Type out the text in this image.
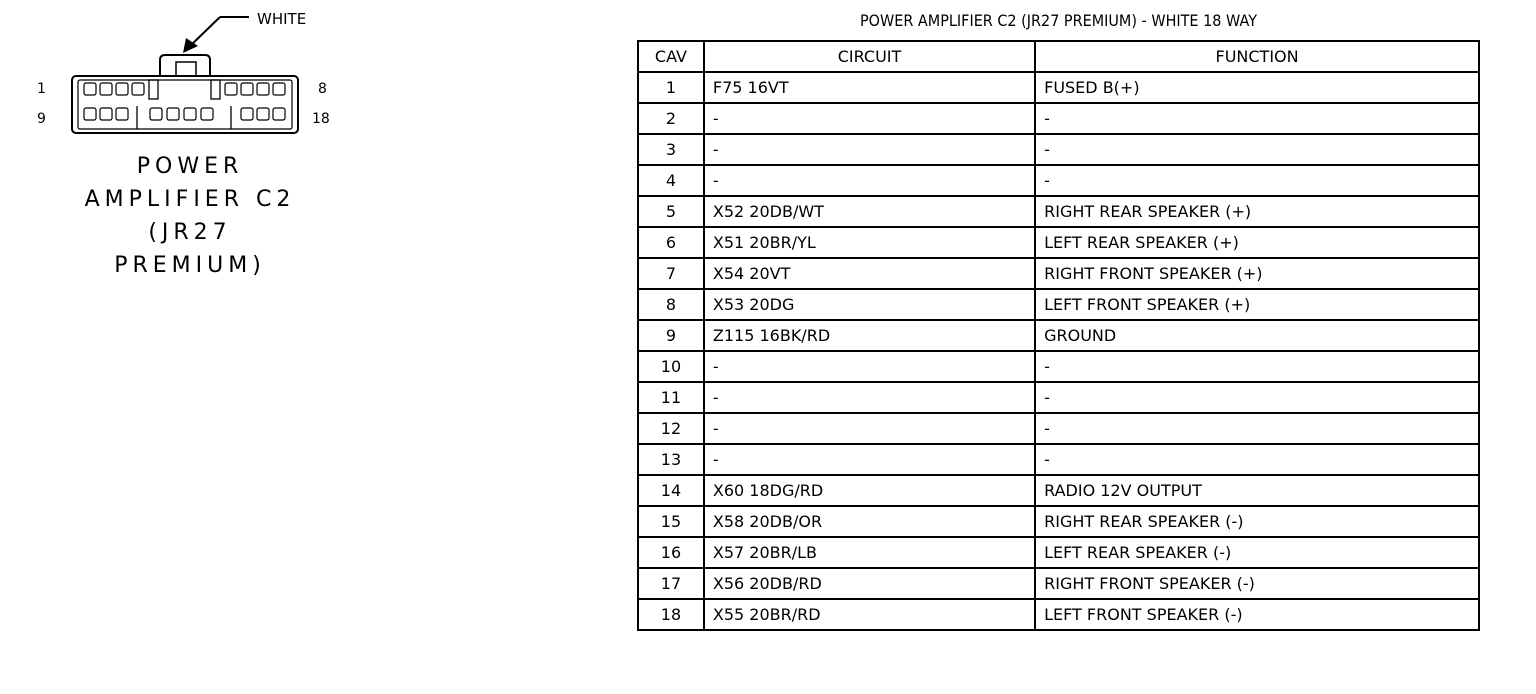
WHITE
1	8
9	18
POWER
AMPLIFIER C2
(JR27
PREMIUM)
POWER AMPLIFIER C2 (JR27 PREMIUM) - WHITE 18 WAY
CAV	CIRCUIT	FUNCTION
1	F75 16VT	FUSED B(+)
2	-	-
3	-	-
4	-	-
5	X52 20DB/WT	RIGHT REAR SPEAKER (+)
6	X51 20BR/YL	LEFT REAR SPEAKER (+)
7	X54 20VT	RIGHT FRONT SPEAKER (+)
8	X53 20DG	LEFT FRONT SPEAKER (+)
9	Z115 16BK/RD	GROUND
10	-	-
11	-	-
12	-	-
13	-	-
14	X60 18DG/RD	RADIO 12V OUTPUT
15	X58 20DB/OR	RIGHT REAR SPEAKER (-)
16	X57 20BR/LB	LEFT REAR SPEAKER (-)
17	X56 20DB/RD	RIGHT FRONT SPEAKER (-)
18	X55 20BR/RD	LEFT FRONT SPEAKER (-)
